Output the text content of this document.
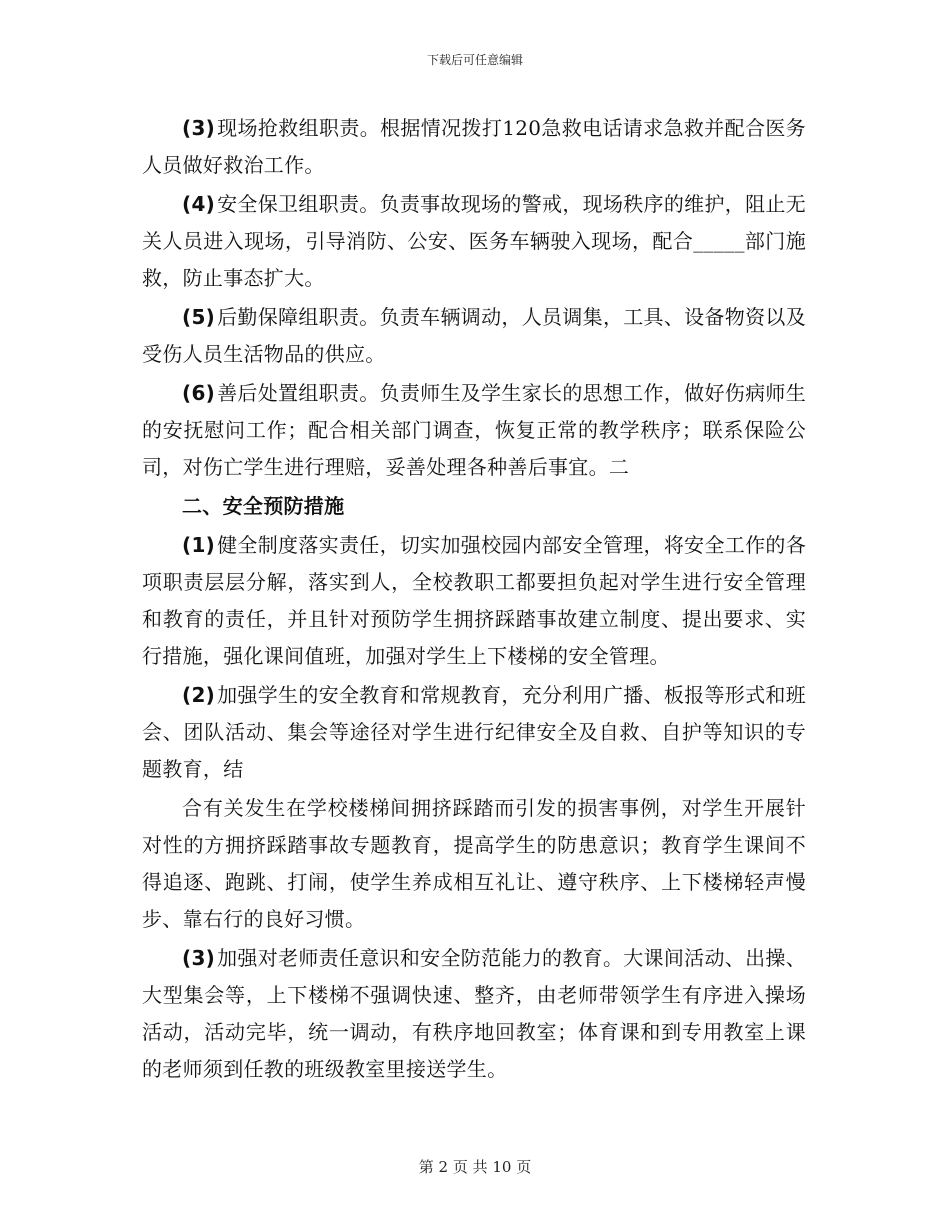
下载后可任意编辑

(3) 现场抢救组职责。根据情况拨打120急救电话请求急救并配合医务人员做好救治工作。

(4) 安全保卫组职责。负责事故现场的警戒，现场秩序的维护，阻止无关人员进入现场，引导消防、公安、医务车辆驶入现场，配合_____部门施救，防止事态扩大。

(5) 后勤保障组职责。负责车辆调动，人员调集，工具、设备物资以及受伤人员生活物品的供应。

(6) 善后处置组职责。负责师生及学生家长的思想工作，做好伤病师生的安抚慰问工作；配合相关部门调查，恢复正常的教学秩序；联系保险公司，对伤亡学生进行理赔，妥善处理各种善后事宜。二

二、安全预防措施

(1) 健全制度落实责任，切实加强校园内部安全管理，将安全工作的各项职责层层分解，落实到人，全校教职工都要担负起对学生进行安全管理和教育的责任，并且针对预防学生拥挤踩踏事故建立制度、提出要求、实行措施，强化课间值班，加强对学生上下楼梯的安全管理。

(2) 加强学生的安全教育和常规教育，充分利用广播、板报等形式和班会、团队活动、集会等途径对学生进行纪律安全及自救、自护等知识的专题教育，结

合有关发生在学校楼梯间拥挤踩踏而引发的损害事例，对学生开展针对性的方拥挤踩踏事故专题教育，提高学生的防患意识；教育学生课间不得追逐、跑跳、打闹，使学生养成相互礼让、遵守秩序、上下楼梯轻声慢步、靠右行的良好习惯。

(3) 加强对老师责任意识和安全防范能力的教育。大课间活动、出操、大型集会等，上下楼梯不强调快速、整齐，由老师带领学生有序进入操场活动，活动完毕，统一调动，有秩序地回教室；体育课和到专用教室上课的老师须到任教的班级教室里接送学生。

第 2 页 共 10 页
